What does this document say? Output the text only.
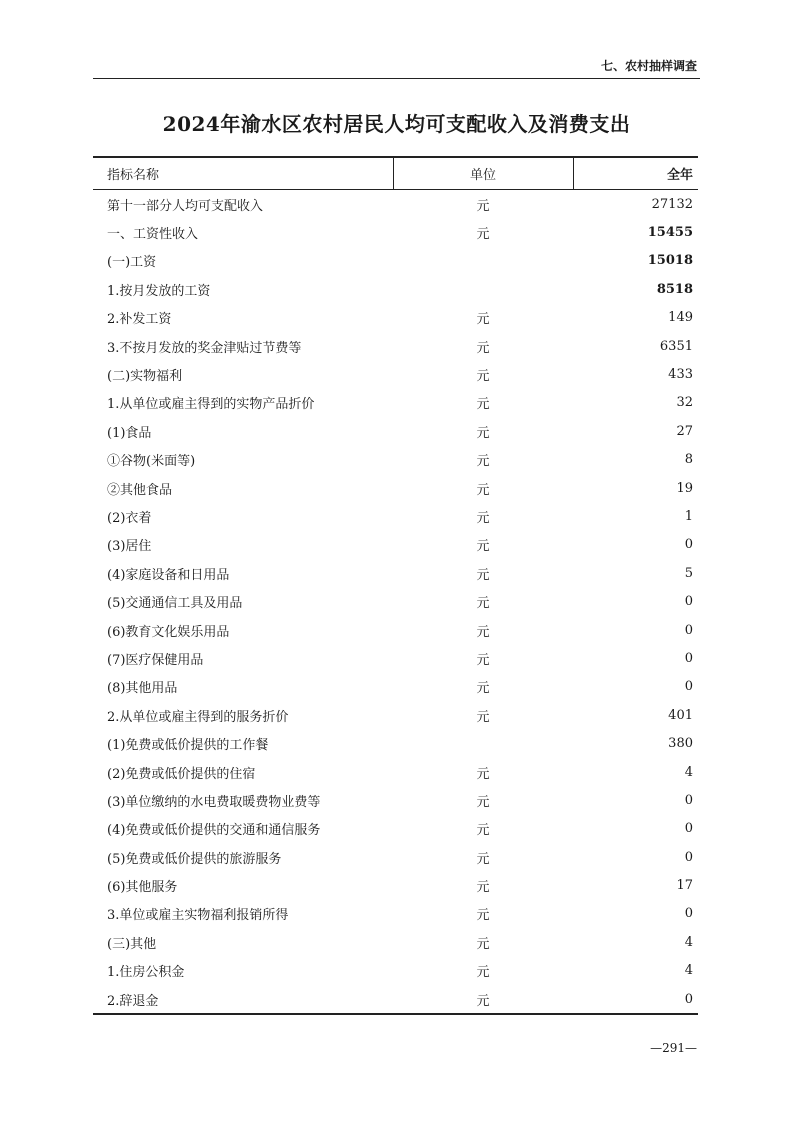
七、农村抽样调查
2024年渝水区农村居民人均可支配收入及消费支出
指标名称	单位	全年
第十一部分人均可支配收入	元	27132
一、工资性收入	元	15455
(一)工资		15018
1.按月发放的工资		8518
2.补发工资	元	149
3.不按月发放的奖金津贴过节费等	元	6351
(二)实物福利	元	433
1.从单位或雇主得到的实物产品折价	元	32
(1)食品	元	27
①谷物(米面等)	元	8
②其他食品	元	19
(2)衣着	元	1
(3)居住	元	0
(4)家庭设备和日用品	元	5
(5)交通通信工具及用品	元	0
(6)教育文化娱乐用品	元	0
(7)医疗保健用品	元	0
(8)其他用品	元	0
2.从单位或雇主得到的服务折价	元	401
(1)免费或低价提供的工作餐		380
(2)免费或低价提供的住宿	元	4
(3)单位缴纳的水电费取暖费物业费等	元	0
(4)免费或低价提供的交通和通信服务	元	0
(5)免费或低价提供的旅游服务	元	0
(6)其他服务	元	17
3.单位或雇主实物福利报销所得	元	0
(三)其他	元	4
1.住房公积金	元	4
2.辞退金	元	0
—291—
